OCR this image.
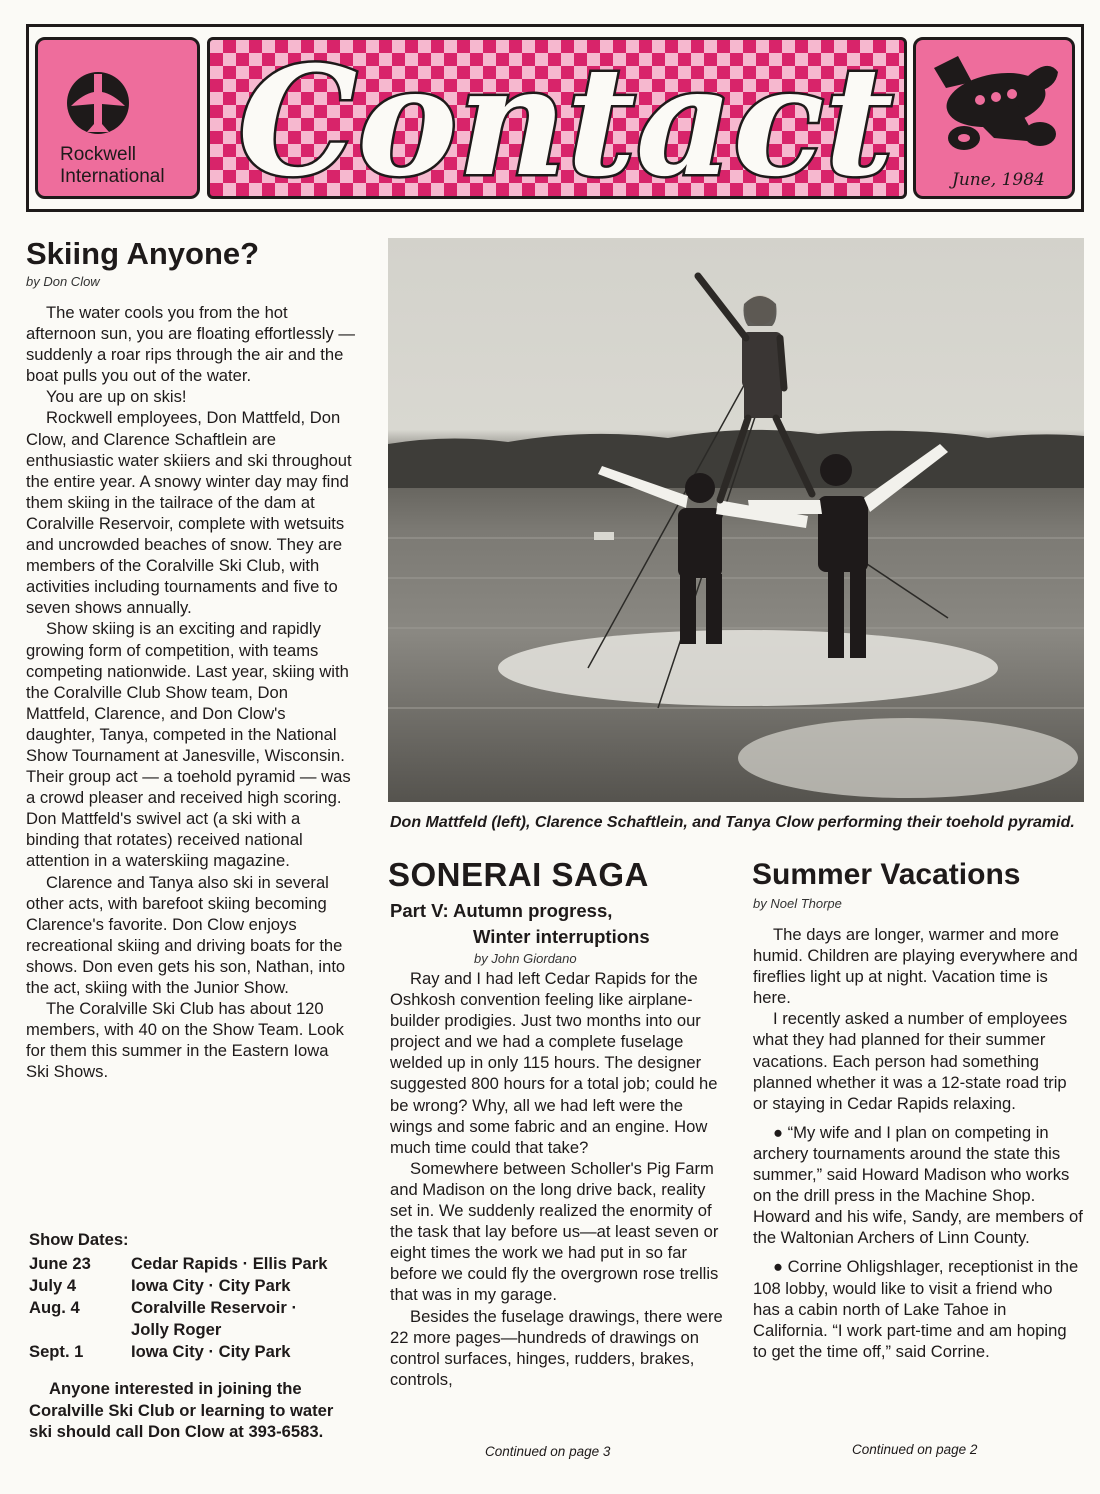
Rockwell
International Contact	June, 1984
Skiing Anyone?
by Don Clow

The water cools you from the hot afternoon sun, you are floating effortlessly — suddenly a roar rips through the air and the boat pulls you out of the water.

You are up on skis!

Rockwell employees, Don Mattfeld, Don Clow, and Clarence Schaftlein are enthusiastic water skiiers and ski throughout the entire year. A snowy winter day may find them skiing in the tailrace of the dam at Coralville Reservoir, complete with wetsuits and uncrowded beaches of snow. They are members of the Coralville Ski Club, with activities including tournaments and five to seven shows annually.

Show skiing is an exciting and rapidly growing form of competition, with teams competing nationwide. Last year, skiing with the Coralville Club Show team, Don Mattfeld, Clarence, and Don Clow's daughter, Tanya, competed in the National Show Tournament at Janesville, Wisconsin. Their group act — a toehold pyramid — was a crowd pleaser and received high scoring. Don Mattfeld's swivel act (a ski with a binding that rotates) received national attention in a waterskiing magazine.

Clarence and Tanya also ski in several other acts, with barefoot skiing becoming Clarence's favorite. Don Clow enjoys recreational skiing and driving boats for the shows. Don even gets his son, Nathan, into the act, skiing with the Junior Show.

The Coralville Ski Club has about 120 members, with 40 on the Show Team. Look for them this summer in the Eastern Iowa Ski Shows.

Show Dates:
June 23	Cedar Rapids · Ellis Park
July 4	Iowa City · City Park
Aug. 4	Coralville Reservoir ·
Jolly Roger
Sept. 1	Iowa City · City Park

Anyone interested in joining the Coralville Ski Club or learning to water ski should call Don Clow at 393-6583.

Don Mattfeld (left), Clarence Schaftlein, and Tanya Clow performing their toehold pyramid.
SONERAI SAGA
Part V: Autumn progress,
Winter interruptions
by John Giordano

Ray and I had left Cedar Rapids for the Oshkosh convention feeling like airplane-builder prodigies. Just two months into our project and we had a complete fuselage welded up in only 115 hours. The designer suggested 800 hours for a total job; could he be wrong? Why, all we had left were the wings and some fabric and an engine. How much time could that take?

Somewhere between Scholler's Pig Farm and Madison on the long drive back, reality set in. We suddenly realized the enormity of the task that lay before us—at least seven or eight times the work we had put in so far before we could fly the overgrown rose trellis that was in my garage.

Besides the fuselage drawings, there were 22 more pages—hundreds of drawings on control surfaces, hinges, rudders, brakes, controls,

Continued on page 3
Summer Vacations
by Noel Thorpe

The days are longer, warmer and more humid. Children are playing everywhere and fireflies light up at night. Vacation time is here.

I recently asked a number of employees what they had planned for their summer vacations. Each person had something planned whether it was a 12-state road trip or staying in Cedar Rapids relaxing.

● “My wife and I plan on competing in archery tournaments around the state this summer,” said Howard Madison who works on the drill press in the Machine Shop. Howard and his wife, Sandy, are members of the Waltonian Archers of Linn County.

● Corrine Ohligshlager, receptionist in the 108 lobby, would like to visit a friend who has a cabin north of Lake Tahoe in California. “I work part-time and am hoping to get the time off,” said Corrine.

Continued on page 2
